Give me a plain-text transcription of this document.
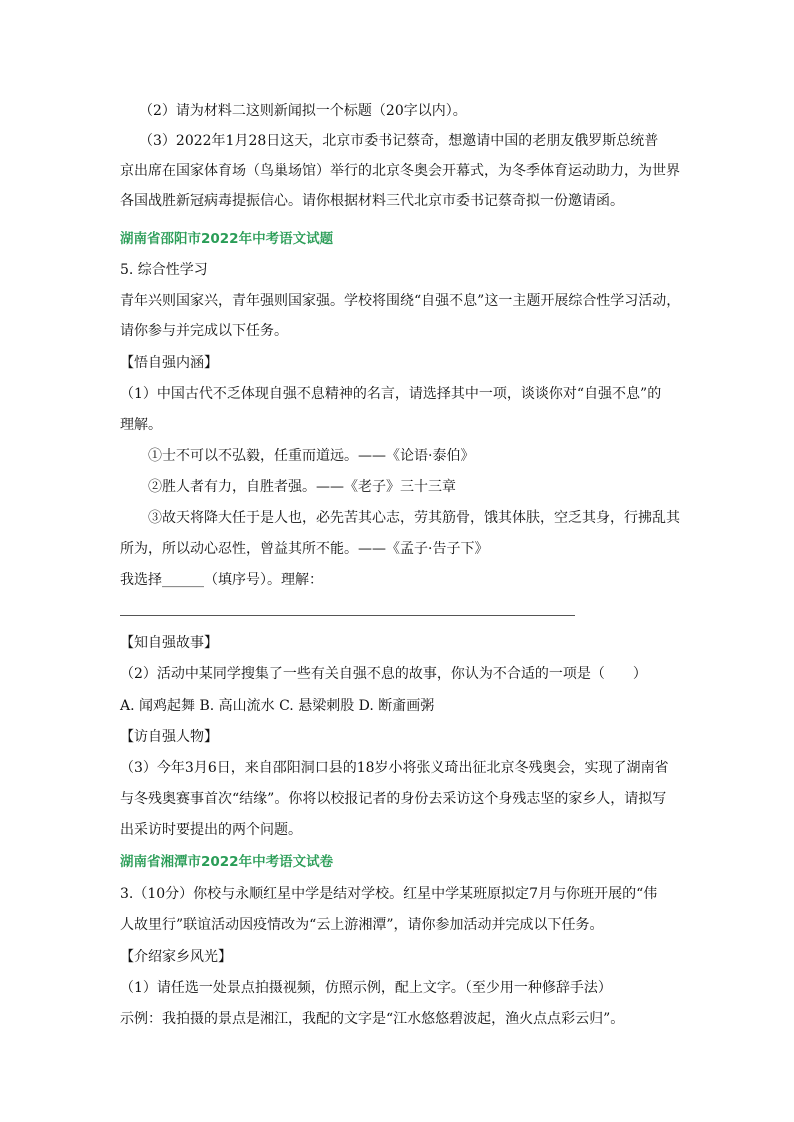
（2）请为材料二这则新闻拟一个标题（20字以内）。
（3）2022年1月28日这天，北京市委书记蔡奇，想邀请中国的老朋友俄罗斯总统普
京出席在国家体育场（鸟巢场馆）举行的北京冬奥会开幕式，为冬季体育运动助力，为世界
各国战胜新冠病毒提振信心。请你根据材料三代北京市委书记蔡奇拟一份邀请函。
湖南省邵阳市2022年中考语文试题
5. 综合性学习
青年兴则国家兴，青年强则国家强。学校将围绕“自强不息”这一主题开展综合性学习活动，
请你参与并完成以下任务。
【悟自强内涵】
（1）中国古代不乏体现自强不息精神的名言，请选择其中一项，谈谈你对“自强不息”的
理解。
①士不可以不弘毅，任重而道远。——《论语·泰伯》
②胜人者有力，自胜者强。——《老子》三十三章
③故天将降大任于是人也，必先苦其心志，劳其筋骨，饿其体肤，空乏其身，行拂乱其
所为，所以动心忍性，曾益其所不能。——《孟子·告子下》
我选择______（填序号）。理解：
【知自强故事】
（2）活动中某同学搜集了一些有关自强不息的故事，你认为不合适的一项是（　　）
A. 闻鸡起舞 B. 高山流水 C. 悬梁刺股 D. 断齑画粥
【访自强人物】
（3）今年3月6日，来自邵阳洞口县的18岁小将张义琦出征北京冬残奥会，实现了湖南省
与冬残奥赛事首次“结缘”。你将以校报记者的身份去采访这个身残志坚的家乡人，请拟写
出采访时要提出的两个问题。
湖南省湘潭市2022年中考语文试卷
3.（10分）你校与永顺红星中学是结对学校。红星中学某班原拟定7月与你班开展的“伟
人故里行”联谊活动因疫情改为“云上游湘潭”，请你参加活动并完成以下任务。
【介绍家乡风光】
（1）请任选一处景点拍摄视频，仿照示例，配上文字。（至少用一种修辞手法）
示例：我拍摄的景点是湘江，我配的文字是“江水悠悠碧波起，渔火点点彩云归”。
